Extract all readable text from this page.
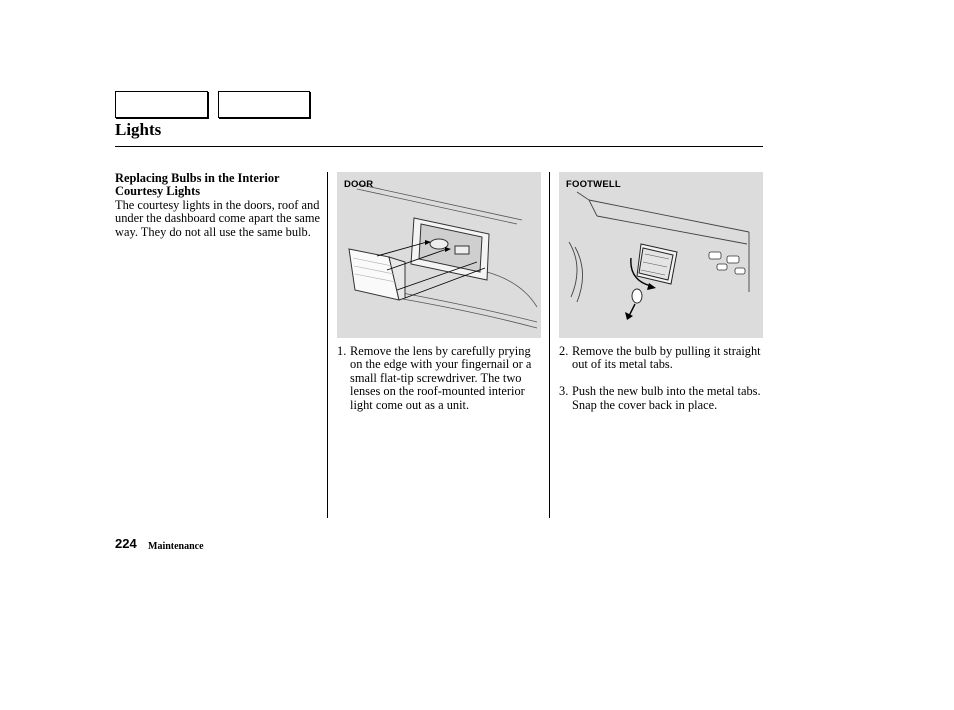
Lights
Replacing Bulbs in the Interior Courtesy Lights

The courtesy lights in the doors, roof and under the dashboard come apart the same way. They do not all use the same bulb.

DOOR	FOOTWELL
1. Remove the lens by carefully prying on the edge with your fingernail or a small flat-tip screwdriver. The two lenses on the roof-mounted interior light come out as a unit.
2. Remove the bulb by pulling it straight out of its metal tabs.
3. Push the new bulb into the metal tabs. Snap the cover back in place.
224 Maintenance
